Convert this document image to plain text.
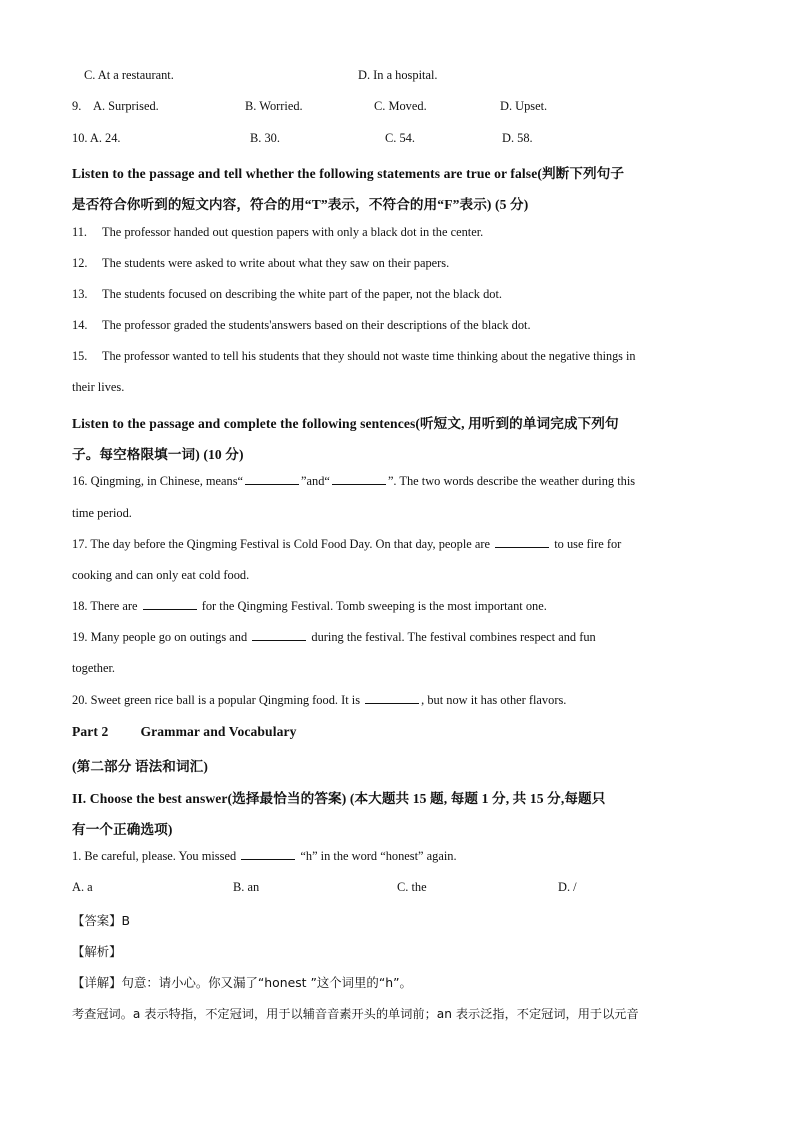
C. At a restaurant.	D. In a hospital.
9. A. Surprised.	B. Worried.	C. Moved.	D. Upset.
10. A. 24.	B. 30.	C. 54.	D. 58.
Listen to the passage and tell whether the following statements are true or false(判断下列句子
是否符合你听到的短文内容，符合的用“T”表示，不符合的用“F”表示) (5 分)
11. The professor handed out question papers with only a black dot in the center.
12. The students were asked to write about what they saw on their papers.
13. The students focused on describing the white part of the paper, not the black dot.
14. The professor graded the students'answers based on their descriptions of the black dot.
15. The professor wanted to tell his students that they should not waste time thinking about the negative things in
their lives.
Listen to the passage and complete the following sentences(听短文, 用听到的单词完成下列句
子。每空格限填一词) (10 分)
16. Qingming, in Chinese, means“	”and“	”. The two words describe the weather during this
time period.
17. The day before the Qingming Festival is Cold Food Day. On that day, people are	to use fire for
cooking and can only eat cold food.
18. There are	for the Qingming Festival. Tomb sweeping is the most important one.
19. Many people go on outings and	during the festival. The festival combines respect and fun
together.
20. Sweet green rice ball is a popular Qingming food. It is	, but now it has other flavors.
Part 2 Grammar and Vocabulary
(第二部分 语法和词汇)
II. Choose the best answer(选择最恰当的答案) (本大题共 15 题, 每题 1 分, 共 15 分,每题只
有一个正确选项)
1. Be careful, please. You missed	“h” in the word “honest” again.
A. a	B. an	C. the	D. /
【答案】B
【解析】
【详解】句意：请小心。你又漏了“honest ”这个词里的“h”。
考查冠词。a 表示特指，不定冠词，用于以辅音音素开头的单词前；an 表示泛指，不定冠词，用于以元音
